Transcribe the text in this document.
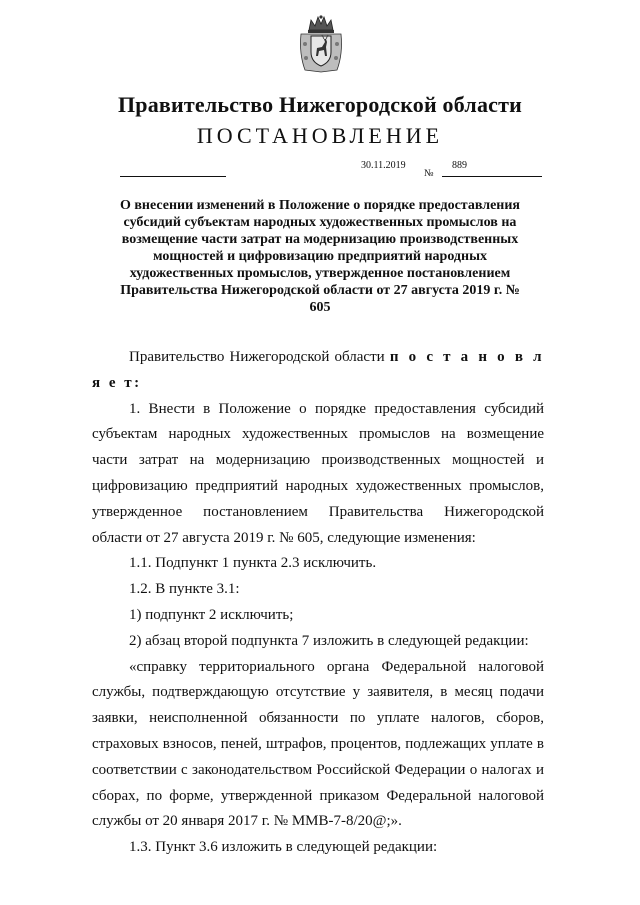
Правительство Нижегородской области
ПОСТАНОВЛЕНИЕ
30.11.2019
№
889
О внесении изменений в Положение о порядке предоставления субсидий субъектам народных художественных промыслов на возмещение части затрат на модернизацию производственных мощностей и цифровизацию предприятий народных художественных промыслов, утвержденное постановлением Правительства Нижегородской области от 27 августа 2019 г. № 605

Правительство Нижегородской области п о с т а н о в л я е т:

1. Внести в Положение о порядке предоставления субсидий субъектам народных художественных промыслов на возмещение части затрат на модернизацию производственных мощностей и цифровизацию предприятий народных художественных промыслов, утвержденное постановлением Правительства Нижегородской области от 27 августа 2019 г. № 605, следующие изменения:

1.1. Подпункт 1 пункта 2.3 исключить.

1.2. В пункте 3.1:

1) подпункт 2 исключить;

2) абзац второй подпункта 7 изложить в следующей редакции:

«справку территориального органа Федеральной налоговой службы, подтверждающую отсутствие у заявителя, в месяц подачи заявки, неисполненной обязанности по уплате налогов, сборов, страховых взносов, пеней, штрафов, процентов, подлежащих уплате в соответствии с законодательством Российской Федерации о налогах и сборах, по форме, утвержденной приказом Федеральной налоговой службы от 20 января 2017 г. № ММВ-7-8/20@;».

1.3. Пункт 3.6 изложить в следующей редакции:
